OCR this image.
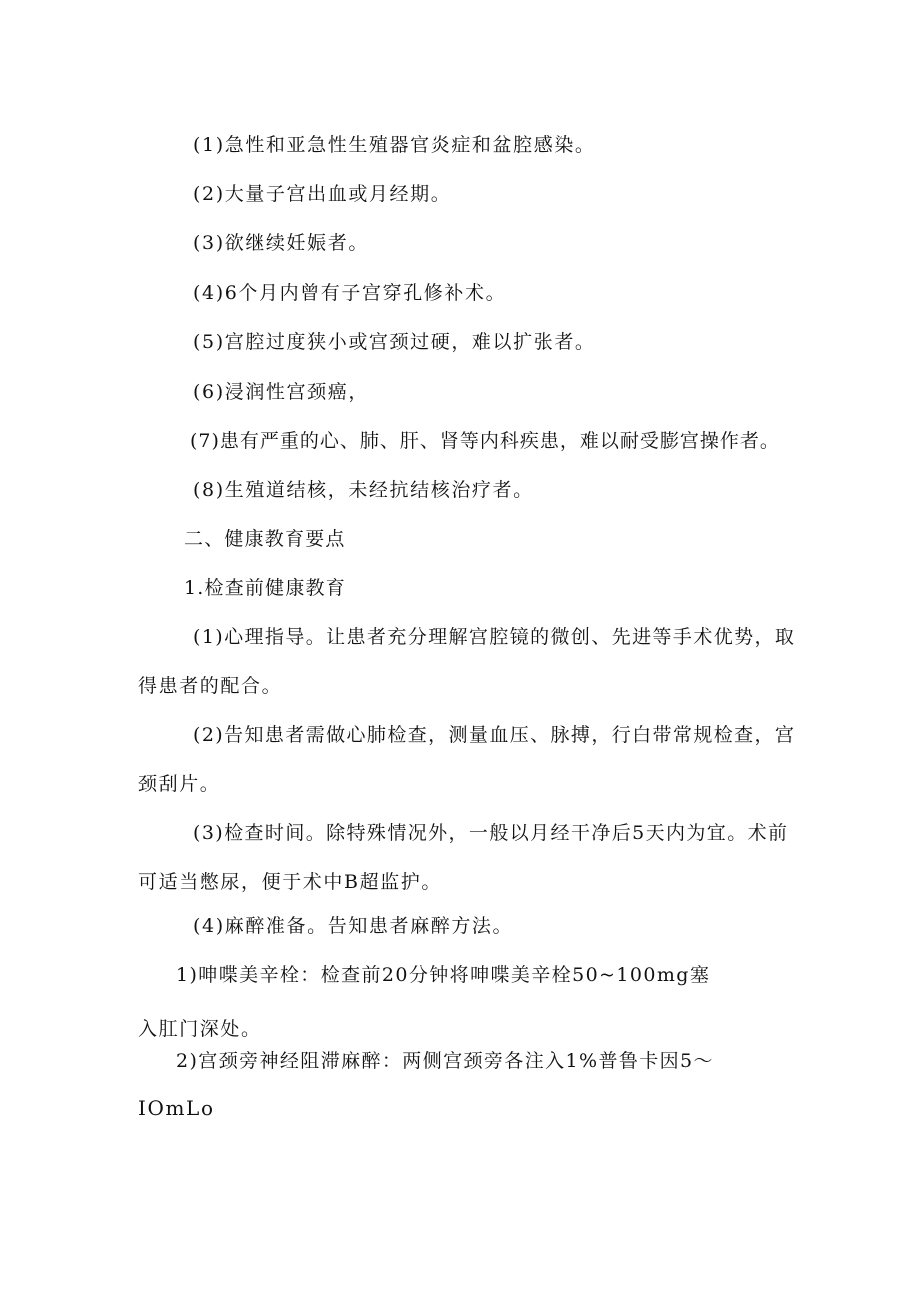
(1)急性和亚急性生殖器官炎症和盆腔感染。
(2)大量子宫出血或月经期。
(3)欲继续妊娠者。
(4)6个月内曾有子宫穿孔修补术。
(5)宫腔过度狭小或宫颈过硬，难以扩张者。
(6)浸润性宫颈癌，
(7)患有严重的心、肺、肝、肾等内科疾患，难以耐受膨宫操作者。
(8)生殖道结核，未经抗结核治疗者。
二、健康教育要点
1.检查前健康教育
(1)心理指导。让患者充分理解宫腔镜的微创、先进等手术优势，取
得患者的配合。
(2)告知患者需做心肺检查，测量血压、脉搏，行白带常规检查，宫
颈刮片。
(3)检查时间。除特殊情况外，一般以月经干净后5天内为宜。术前
可适当憋尿，便于术中B超监护。
(4)麻醉准备。告知患者麻醉方法。
1)呻喋美辛栓：检查前20分钟将呻喋美辛栓50~100mg塞
入肛门深处。
2)宫颈旁神经阻滞麻醉：两侧宫颈旁各注入1%普鲁卡因5～
IOmLo
